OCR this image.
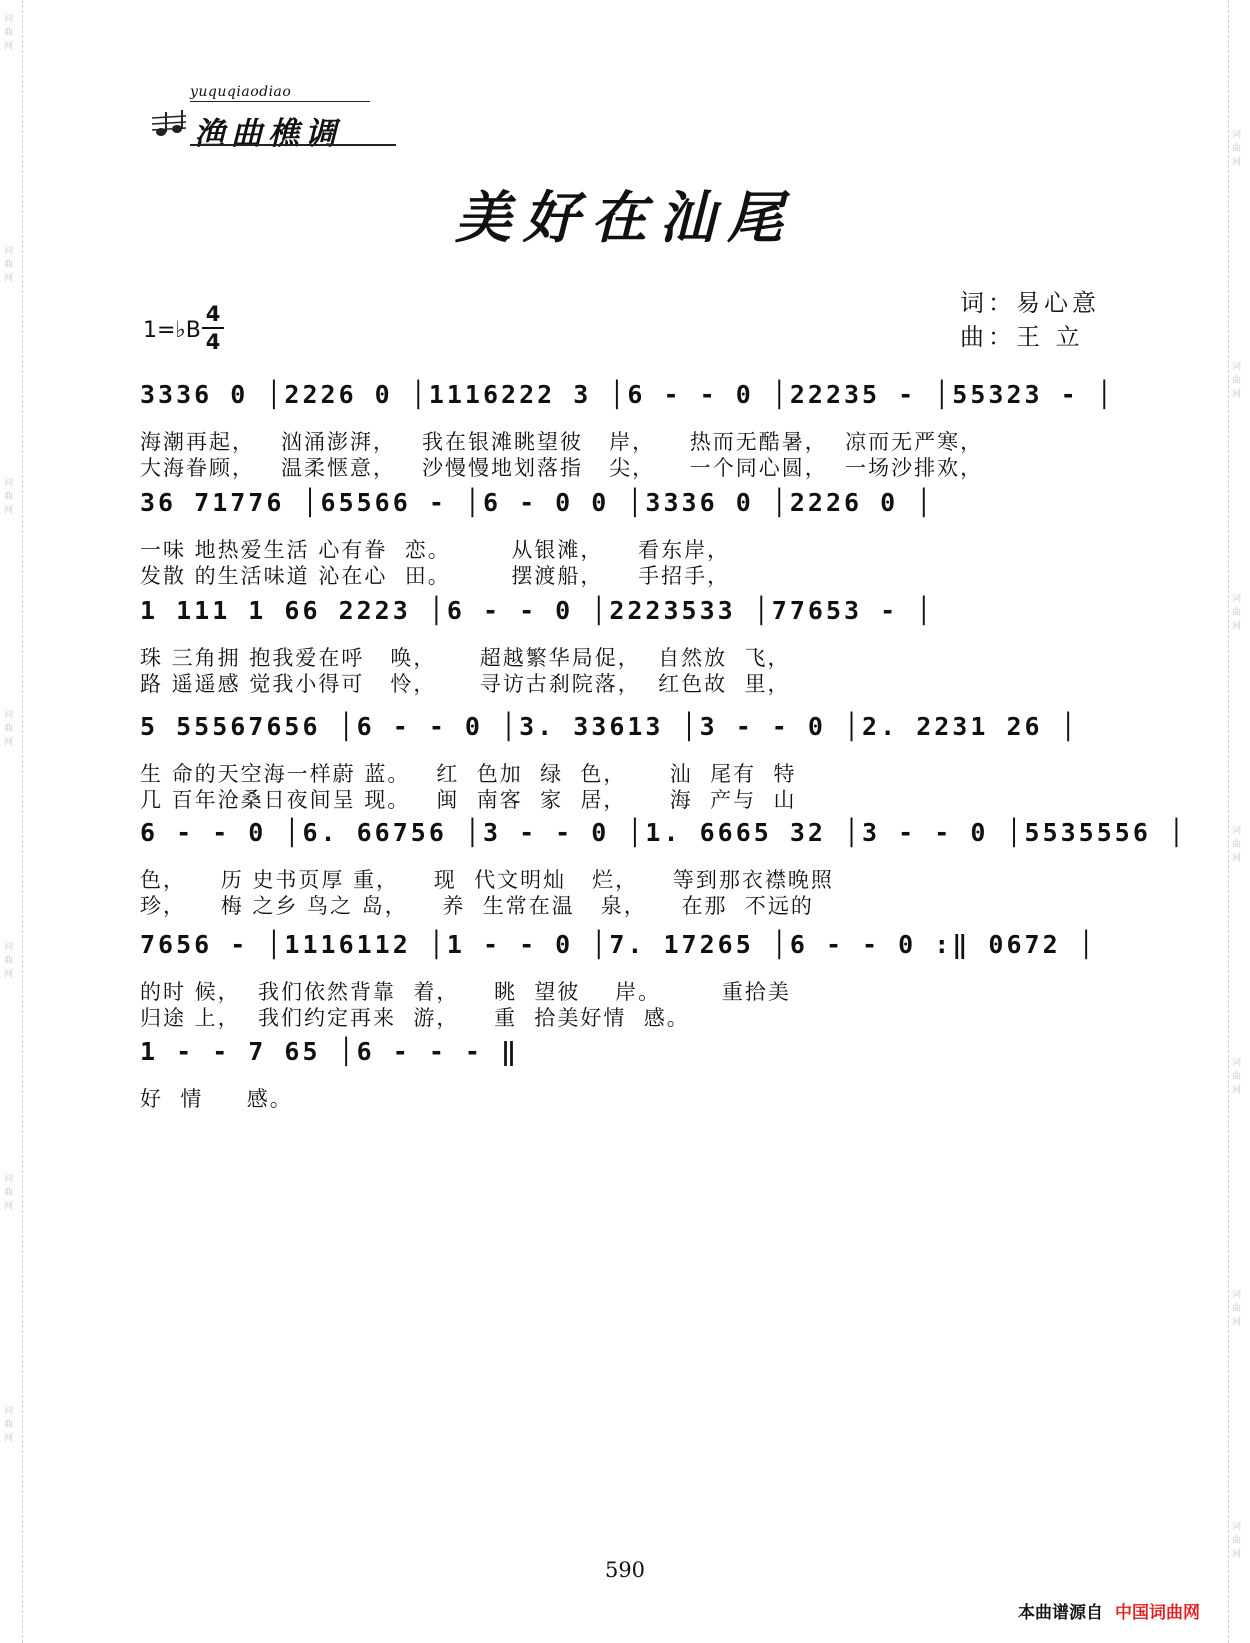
词
曲
网
词
曲
网
词
曲
网
词
曲
网
词
曲
网
词
曲
网
词
曲
网
词
曲
网
词
曲
网
词
曲
网
词
曲
网
词
曲
网
词
曲
网
词
曲
网
yuquqiaodiao
渔曲樵调
美好在汕尾
1=♭B
4
4
词：易心意
曲：王 立
3336 0 │2226 0 │1116222 3 │6 ‐ ‐ 0 │22235 ‐ │55323 ‐ │
海潮再起，   汹涌澎湃，   我在银滩眺望彼   岸，    热而无酷暑，  凉而无严寒，
大海眷顾，   温柔惬意，   沙慢慢地划落指   尖，    一个同心圆，  一场沙排欢，
36 71776 │65566 ‐ │6 ‐ 0 0 │3336 0 │2226 0 │
一味 地热爱生活 心有眷  恋。       从银滩，    看东岸，
发散 的生活味道 沁在心  田。       摆渡船，    手招手，
1 111 1 66 2223 │6 ‐ ‐ 0 │2223533 │77653 ‐ │
珠 三角拥 抱我爱在呼   唤，     超越繁华局促，  自然放  飞，
路 遥遥感 觉我小得可   怜，     寻访古刹院落，  红色故  里，
5 55567656 │6 ‐ ‐ 0 │3. 33613 │3 ‐ ‐ 0 │2. 2231 26 │
生 命的天空海一样蔚 蓝。   红  色加  绿  色，     汕  尾有  特
几 百年沧桑日夜间呈 现。   闽  南客  家  居，     海  产与  山
6 ‐ ‐ 0 │6. 66756 │3 ‐ ‐ 0 │1. 6665 32 │3 ‐ ‐ 0 │5535556 │
色，    历 史书页厚 重，    现  代文明灿   烂，    等到那衣襟晚照
珍，    梅 之乡 鸟之 岛，    养  生常在温   泉，    在那  不远的
7656 ‐ │1116112 │1 ‐ ‐ 0 │7. 17265 │6 ‐ ‐ 0 :‖ 0672 │
的时 候，  我们依然背靠  着，    眺  望彼    岸。       重拾美
归途 上，  我们约定再来  游，    重  拾美好情  感。
1 ‐ ‐ 7 65 │6 ‐ ‐ ‐ ‖
好  情     感。
590
本曲谱源自 中国词曲网
